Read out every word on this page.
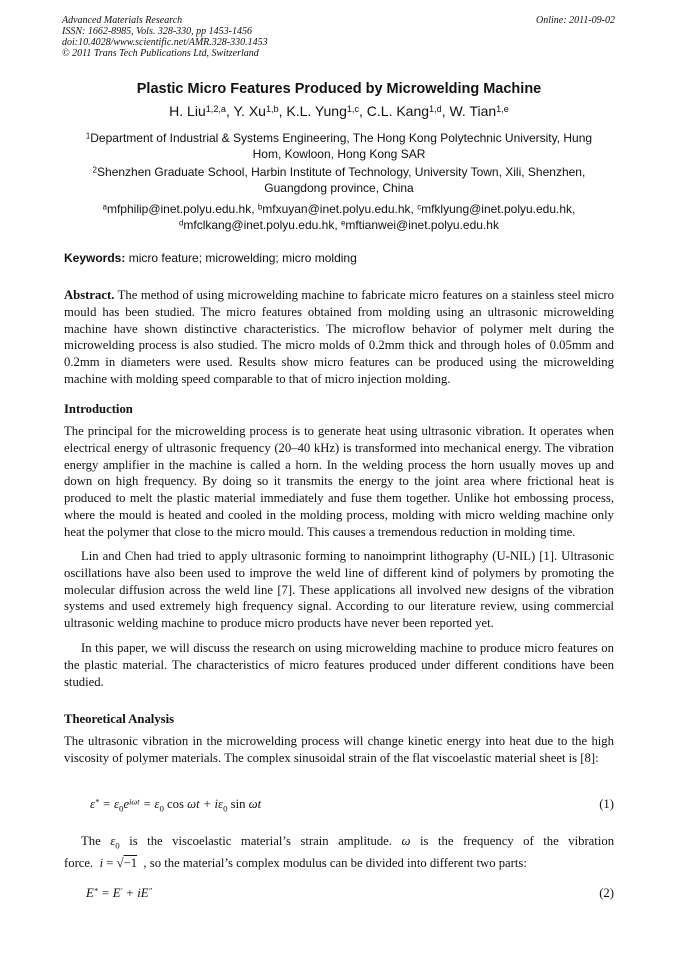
Advanced Materials Research
ISSN: 1662-8985, Vols. 328-330, pp 1453-1456
doi:10.4028/www.scientific.net/AMR.328-330.1453
© 2011 Trans Tech Publications Ltd, Switzerland
Online: 2011-09-02
Plastic Micro Features Produced by Microwelding Machine
H. Liu$^{1,2,a}$, Y. Xu$^{1,b}$, K.L. Yung$^{1,c}$, C.L. Kang$^{1,d}$, W. Tian$^{1,e}$
$^1$Department of Industrial & Systems Engineering, The Hong Kong Polytechnic University, Hung Hom, Kowloon, Hong Kong SAR
$^2$Shenzhen Graduate School, Harbin Institute of Technology, University Town, Xili, Shenzhen, Guangdong province, China
$^a$mfphilip@inet.polyu.edu.hk, $^b$mfxuyan@inet.polyu.edu.hk, $^c$mfklyung@inet.polyu.edu.hk,
$^d$mfclkang@inet.polyu.edu.hk, $^e$mftianwei@inet.polyu.edu.hk
Keywords: micro feature; microwelding; micro molding

Abstract. The method of using microwelding machine to fabricate micro features on a stainless steel micro mould has been studied. The micro features obtained from molding using an ultrasonic microwelding machine have shown distinctive characteristics. The microflow behavior of polymer melt during the microwelding process is also studied. The micro molds of 0.2mm thick and through holes of 0.05mm and 0.2mm in diameters were used. Results show micro features can be produced using the microwelding machine with molding speed comparable to that of micro injection molding.

Introduction

The principal for the microwelding process is to generate heat using ultrasonic vibration. It operates when electrical energy of ultrasonic frequency (20–40 kHz) is transformed into mechanical energy. The vibration energy amplifier in the machine is called a horn. In the welding process the horn usually moves up and down on high frequency. By doing so it transmits the energy to the joint area where frictional heat is produced to melt the plastic material immediately and fuse them together. Unlike hot embossing process, where the mould is heated and cooled in the molding process, molding with micro welding machine only heat the polymer that close to the micro mould. This causes a tremendous reduction in molding time.

Lin and Chen had tried to apply ultrasonic forming to nanoimprint lithography (U-NIL) [1]. Ultrasonic oscillations have also been used to improve the weld line of different kind of polymers by promoting the molecular diffusion across the weld line [7]. These applications all involved new designs of the vibration systems and used extremely high frequency signal. According to our literature review, using commercial ultrasonic welding machine to produce micro products have never been reported yet.

In this paper, we will discuss the research on using microwelding machine to produce micro features on the plastic material. The characteristics of micro features produced under different conditions have been studied.

Theoretical Analysis

The ultrasonic vibration in the microwelding process will change kinetic energy into heat due to the high viscosity of polymer materials. The complex sinusoidal strain of the flat viscoelastic material sheet is [8]:

$\varepsilon^* = \varepsilon_0e^{i\omega t} = \varepsilon_0$ $\cos \omega t + i\varepsilon_0$ sin ωt	(1)
The $\varepsilon_0$ is the viscoelastic material’s strain amplitude. ω is the frequency of the vibration
force. i = √−1 , so the material’s complex modulus can be divided into different two parts:
E* = E′ + iE″	(2)
